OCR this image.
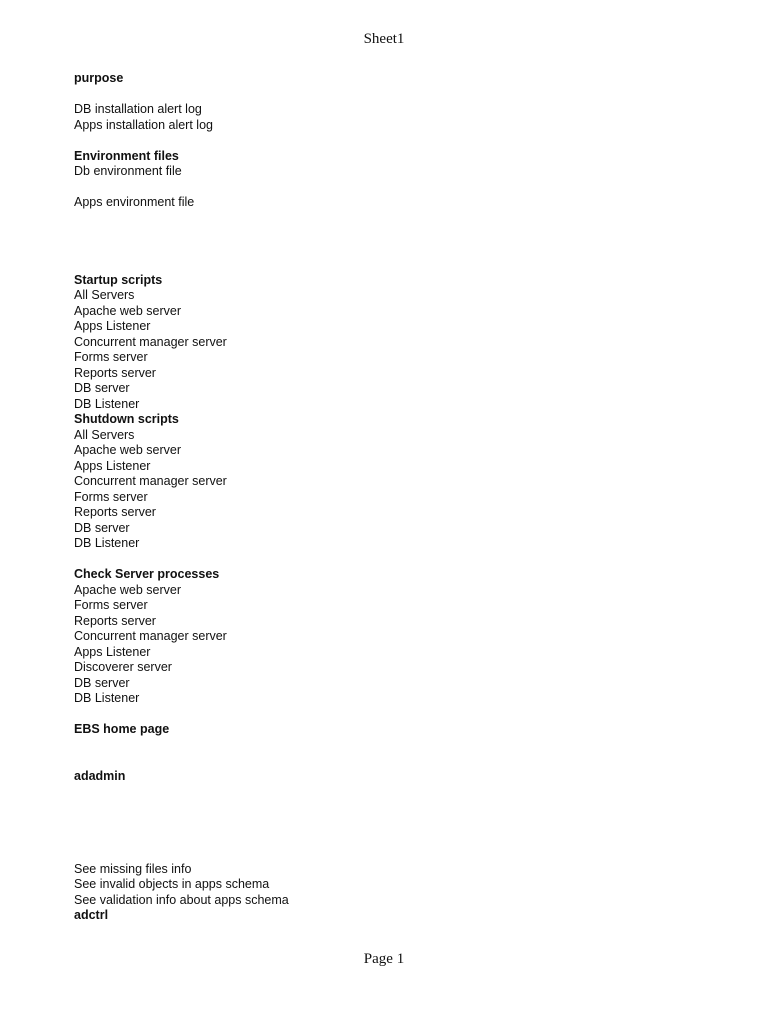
Sheet1
purpose
DB installation alert log
Apps installation alert log
Environment files
Db environment file
Apps environment file
Startup scripts
All Servers
Apache web server
Apps Listener
Concurrent manager server
Forms server
Reports server
DB server
DB Listener
Shutdown scripts
All Servers
Apache web server
Apps Listener
Concurrent manager server
Forms server
Reports server
DB server
DB Listener
Check Server processes
Apache web server
Forms server
Reports server
Concurrent manager server
Apps Listener
Discoverer server
DB server
DB Listener
EBS home page
adadmin
See missing files info
See invalid objects in apps schema
See validation info about apps schema
adctrl
Page 1
